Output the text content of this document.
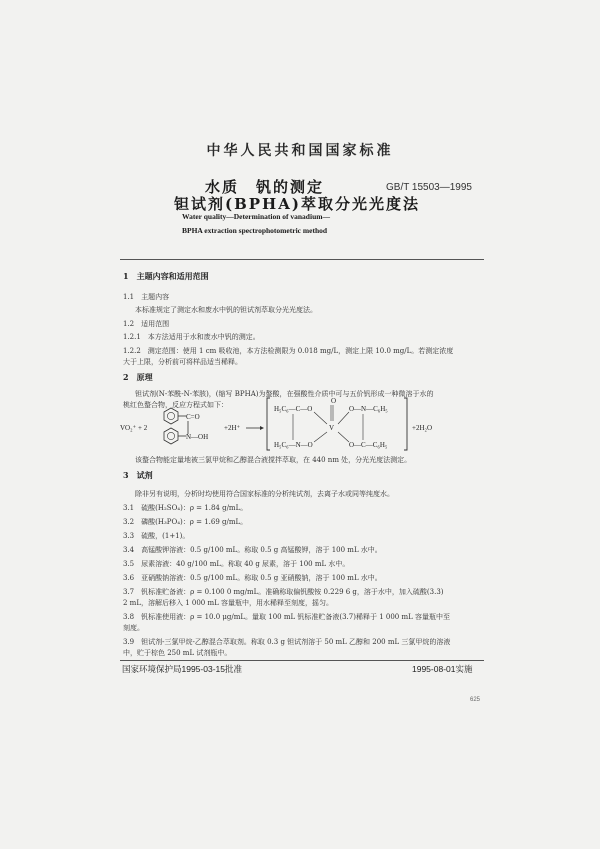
中华人民共和国国家标准
水质　钒的测定
钽试剂(BPHA)萃取分光光度法
GB/T 15503—1995
Water quality—Determination of vanadium—
BPHA extraction spectrophotometric method
1　主题内容和适用范围
1.1　主题内容
本标准规定了测定水和废水中钒的钽试剂萃取分光光度法。
1.2　适用范围
1.2.1　本方法适用于水和废水中钒的测定。
1.2.2　测定范围：使用 1 cm 吸收池，本方法检测限为 0.018 mg/L，测定上限 10.0 mg/L。若测定浓度
大于上限，分析前可将样品适当稀释。
2　原理
钽试剂(N-苯酰-N-苯胲)，(缩写 BPHA)为螯酸，在强酸性介质中可与五价钒形成一种微溶于水的
桃红色螯合物，反应方程式如下：
VO₂⁺ + 2
C=O
N—OH
+2H⁺
H₅C₆—C—O
H₅C₆—N—O
O
V
O—N—C₆H₅
O—C—C₆H₅
+2H₂O
该螯合物能定量地被三氯甲烷和乙醇混合液搅拌萃取，在 440 nm 处，分光光度法测定。
3　试剂
除非另有说明，分析时均使用符合国家标准的分析纯试剂，去离子水或同等纯度水。
3.1　硫酸(H₂SO₄)：ρ = 1.84 g/mL。
3.2　磷酸(H₃PO₄)：ρ = 1.69 g/mL。
3.3　硫酸，(1+1)。
3.4　高锰酸钾溶液：0.5 g/100 mL。称取 0.5 g 高锰酸钾，溶于 100 mL 水中。
3.5　尿素溶液：40 g/100 mL。称取 40 g 尿素，溶于 100 mL 水中。
3.6　亚硝酸钠溶液：0.5 g/100 mL。称取 0.5 g 亚硝酸钠，溶于 100 mL 水中。
3.7　钒标准贮备液：ρ = 0.100 0 mg/mL。准确称取偏钒酸铵 0.229 6 g，溶于水中，加入硫酸(3.3)
2 mL，溶解后移入 1 000 mL 容量瓶中，用水稀释至刻度，摇匀。
3.8　钒标准使用液：ρ = 10.0 μg/mL。量取 100 mL 钒标准贮备液(3.7)稀释于 1 000 mL 容量瓶中至
刻度。
3.9　钽试剂-三氯甲烷-乙醇混合萃取剂。称取 0.3 g 钽试剂溶于 50 mL 乙醇和 200 mL 三氯甲烷的溶液
中，贮于棕色 250 mL 试剂瓶中。
国家环境保护局1995-03-15批准	1995-08-01实施
625
